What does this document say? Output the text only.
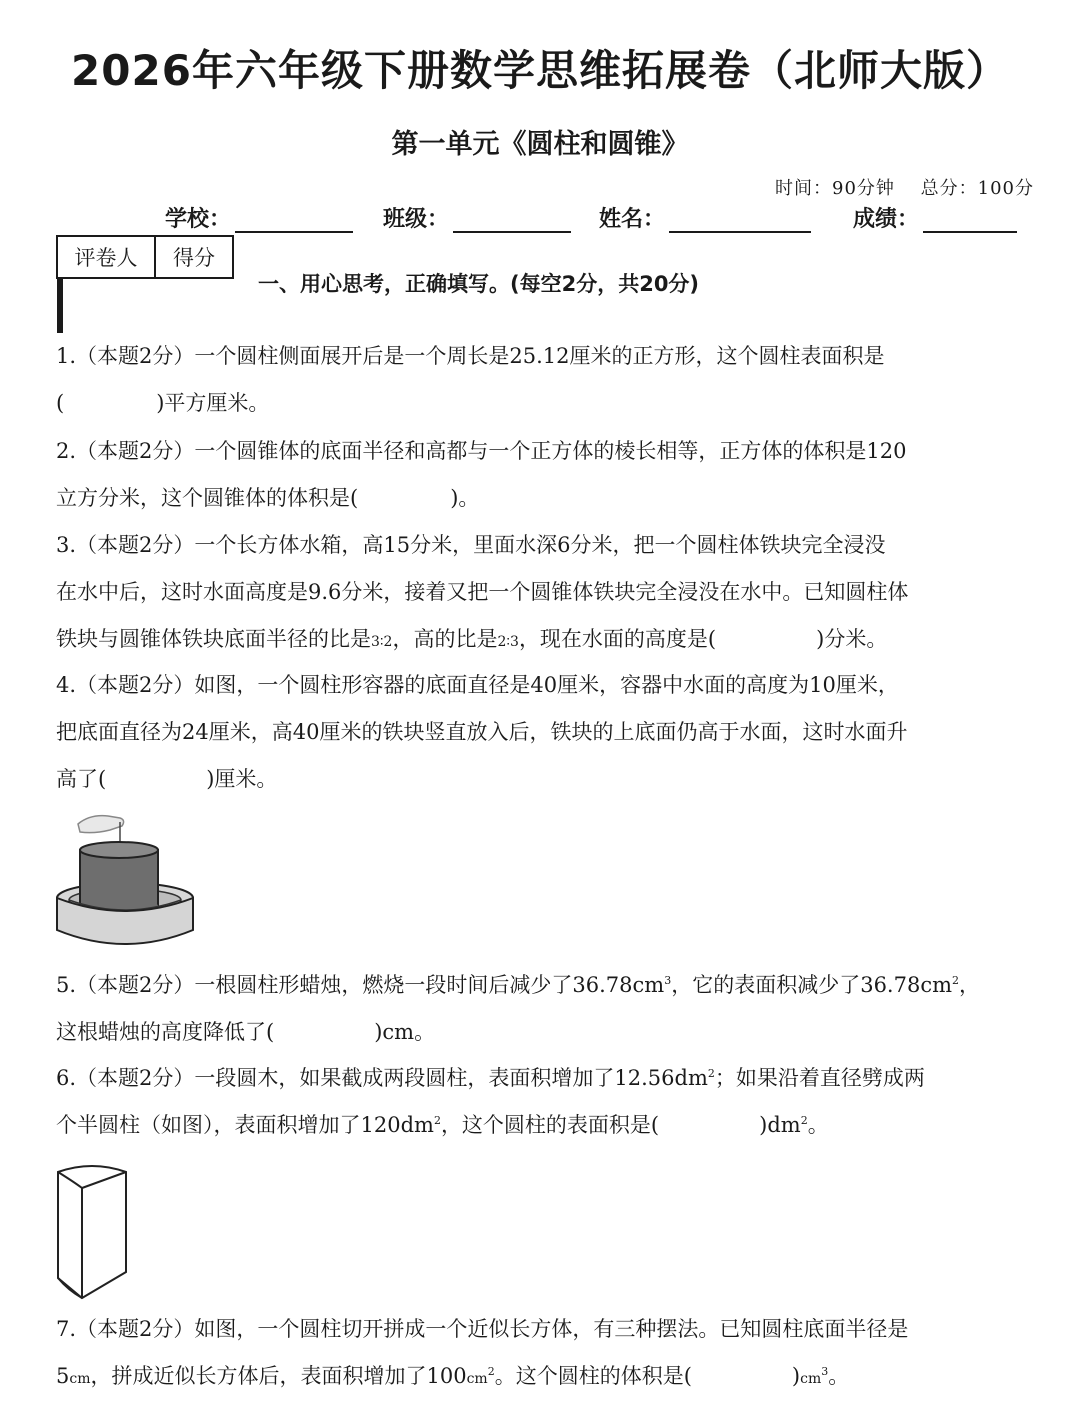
2026年六年级下册数学思维拓展卷（北师大版）
第一单元《圆柱和圆锥》
时间：90分钟　 总分：100分
学校：	班级：	姓名：	成绩：
评卷人	得分

一、用心思考，正确填写。(每空2分，共20分)
1.（本题2分）一个圆柱侧面展开后是一个周长是25.12厘米的正方形，这个圆柱表面积是
(	)平方厘米。
2.（本题2分）一个圆锥体的底面半径和高都与一个正方体的棱长相等，正方体的体积是120
立方分米，这个圆锥体的体积是(	)。
3.（本题2分）一个长方体水箱，高15分米，里面水深6分米，把一个圆柱体铁块完全浸没
在水中后，这时水面高度是9.6分米，接着又把一个圆锥体铁块完全浸没在水中。已知圆柱体
铁块与圆锥体铁块底面半径的比是3∶2，高的比是2∶3，现在水面的高度是(	)分米。
4.（本题2分）如图，一个圆柱形容器的底面直径是40厘米，容器中水面的高度为10厘米，
把底面直径为24厘米，高40厘米的铁块竖直放入后，铁块的上底面仍高于水面，这时水面升
高了(	)厘米。
5.（本题2分）一根圆柱形蜡烛，燃烧一段时间后减少了$36.78cm^3$，它的表面积减少了$36.78cm^2$，
这根蜡烛的高度降低了(	)cm。
6.（本题2分）一段圆木，如果截成两段圆柱，表面积增加了$12.56dm^2$；如果沿着直径劈成两
个半圆柱（如图），表面积增加了$120dm^2$，这个圆柱的表面积是(	)$dm^2$。
7.（本题2分）如图，一个圆柱切开拼成一个近似长方体，有三种摆法。已知圆柱底面半径是
5cm，拼成近似长方体后，表面积增加了$100cm^2$。这个圆柱的体积是(	)$cm^3$。
